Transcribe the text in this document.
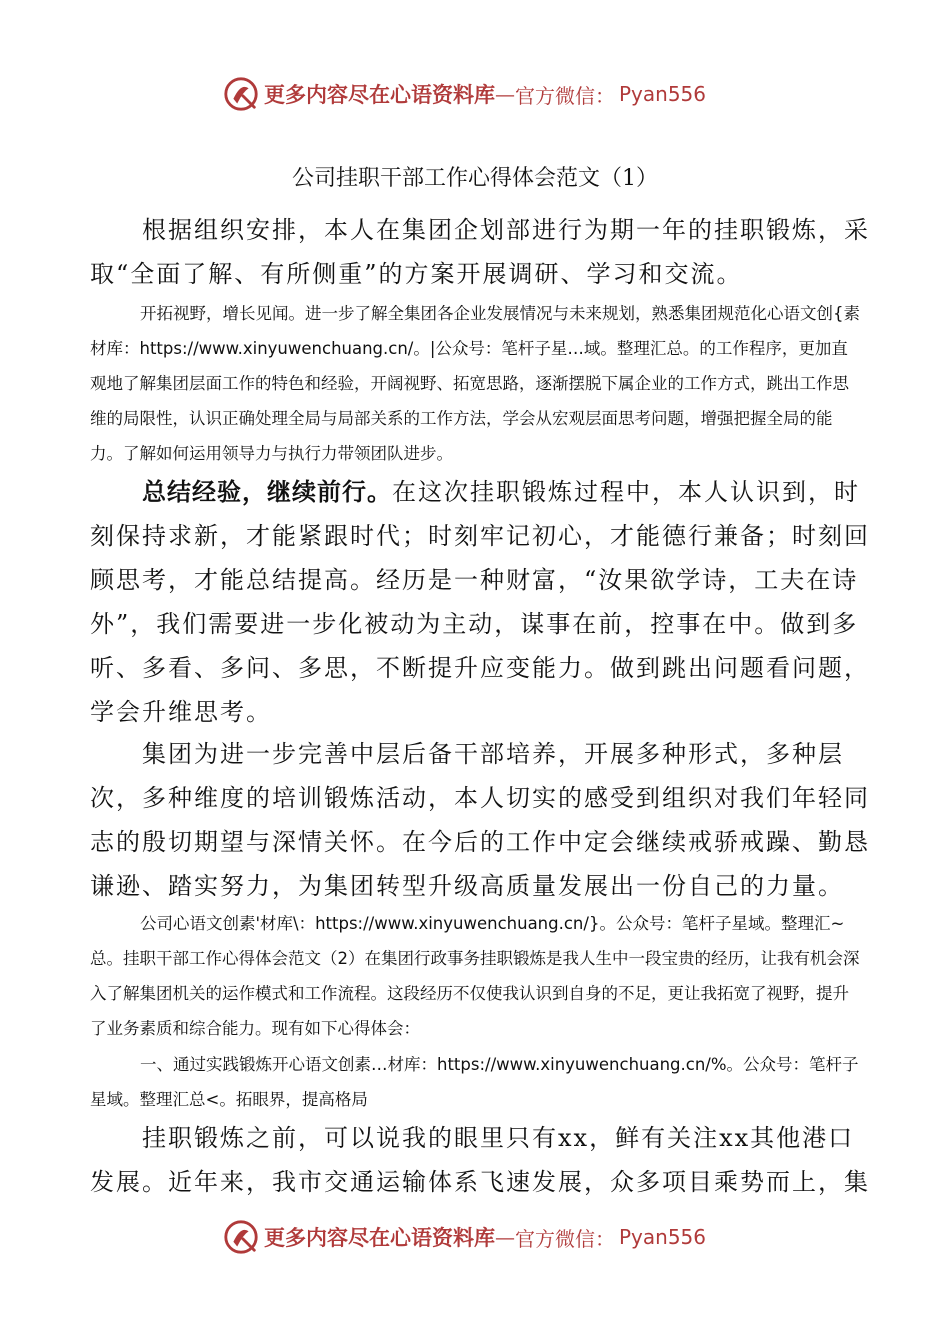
更多内容尽在心语资料库 — 官方微信： Pyan556
公司挂职干部工作心得体会范文（1）

根据组织安排，本人在集团企划部进行为期一年的挂职锻炼，采取“全面了解、有所侧重”的方案开展调研、学习和交流。

开拓视野，增长见闻。进一步了解全集团各企业发展情况与未来规划，熟悉集团规范化心语文创{素材库：https://www.xinyuwenchuang.cn/。|公众号：笔杆子星…域。整理汇总。的工作程序，更加直观地了解集团层面工作的特色和经验，开阔视野、拓宽思路，逐渐摆脱下属企业的工作方式，跳出工作思维的局限性，认识正确处理全局与局部关系的工作方法，学会从宏观层面思考问题，增强把握全局的能力。了解如何运用领导力与执行力带领团队进步。

总结经验，继续前行。在这次挂职锻炼过程中，本人认识到，时刻保持求新，才能紧跟时代；时刻牢记初心，才能德行兼备；时刻回顾思考，才能总结提高。经历是一种财富，“汝果欲学诗，工夫在诗外”，我们需要进一步化被动为主动，谋事在前，控事在中。做到多听、多看、多问、多思，不断提升应变能力。做到跳出问题看问题，学会升维思考。

集团为进一步完善中层后备干部培养，开展多种形式，多种层次，多种维度的培训锻炼活动，本人切实的感受到组织对我们年轻同志的殷切期望与深情关怀。在今后的工作中定会继续戒骄戒躁、勤恳谦逊、踏实努力，为集团转型升级高质量发展出一份自己的力量。

公司心语文创素'材库\：https://www.xinyuwenchuang.cn/}。公众号：笔杆子星域。整理汇~总。挂职干部工作心得体会范文（2）在集团行政事务挂职锻炼是我人生中一段宝贵的经历，让我有机会深入了解集团机关的运作模式和工作流程。这段经历不仅使我认识到自身的不足，更让我拓宽了视野，提升了业务素质和综合能力。现有如下心得体会：

一、通过实践锻炼开心语文创素…材库：https://www.xinyuwenchuang.cn/%。公众号：笔杆子星域。整理汇总<。拓眼界，提高格局

挂职锻炼之前，可以说我的眼里只有xx，鲜有关注xx其他港口发展。近年来，我市交通运输体系飞速发展，众多项目乘势而上，集

更多内容尽在心语资料库 — 官方微信： Pyan556
